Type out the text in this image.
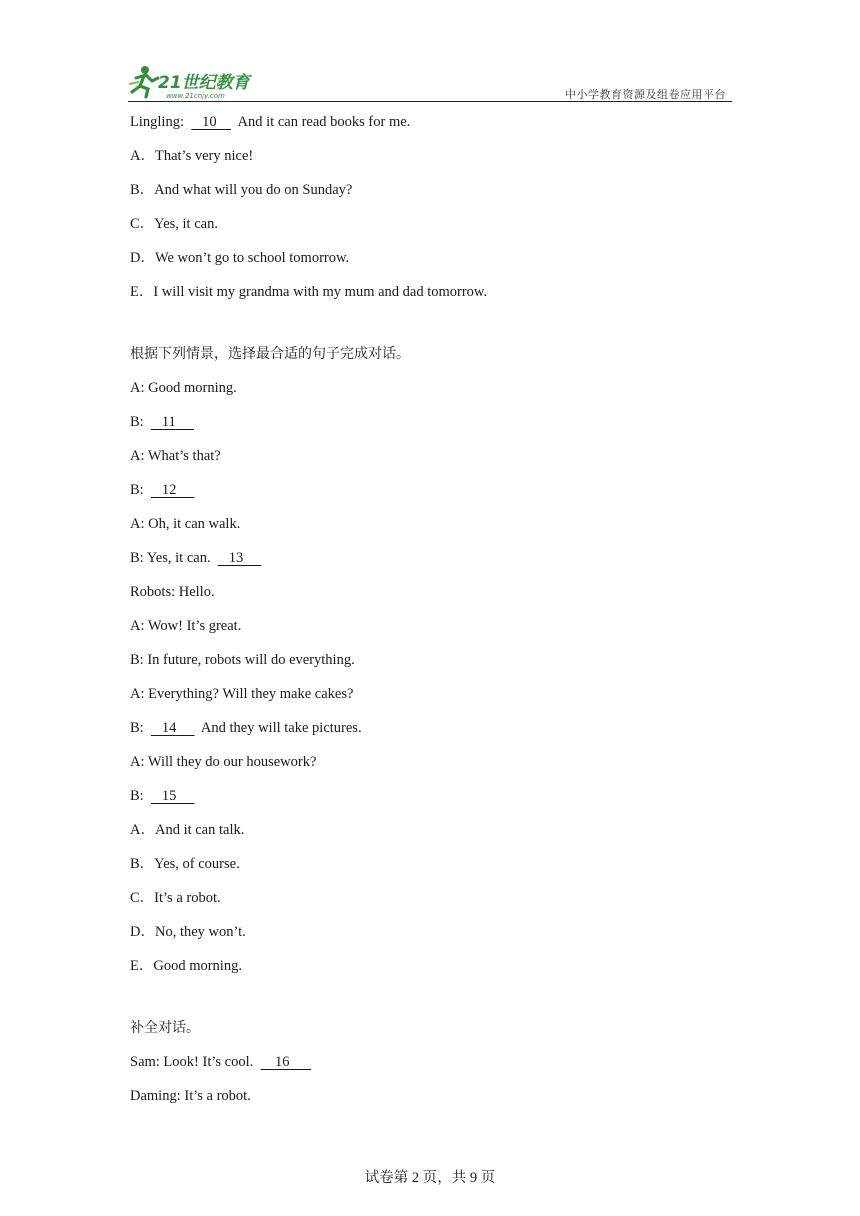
21世纪教育
www.21cnjy.com	中小学教育资源及组卷应用平台
Lingling:     10      And it can read books for me.
A．That’s very nice!
B．And what will you do on Sunday?
C．Yes, it can.
D．We won’t go to school tomorrow.
E．I will visit my grandma with my mum and dad tomorrow.
根据下列情景，选择最合适的句子完成对话。
A: Good morning.
B:     11
A: What’s that?
B:     12
A: Oh, it can walk.
B: Yes, it can.     13
Robots: Hello.
A: Wow! It’s great.
B: In future, robots will do everything.
A: Everything? Will they make cakes?
B:     14       And they will take pictures.
A: Will they do our housework?
B:     15
A．And it can talk.
B．Yes, of course.
C．It’s a robot.
D．No, they won’t.
E．Good morning.
补全对话。
Sam: Look! It’s cool.      16
Daming: It’s a robot.
试卷第 2 页，共 9 页
